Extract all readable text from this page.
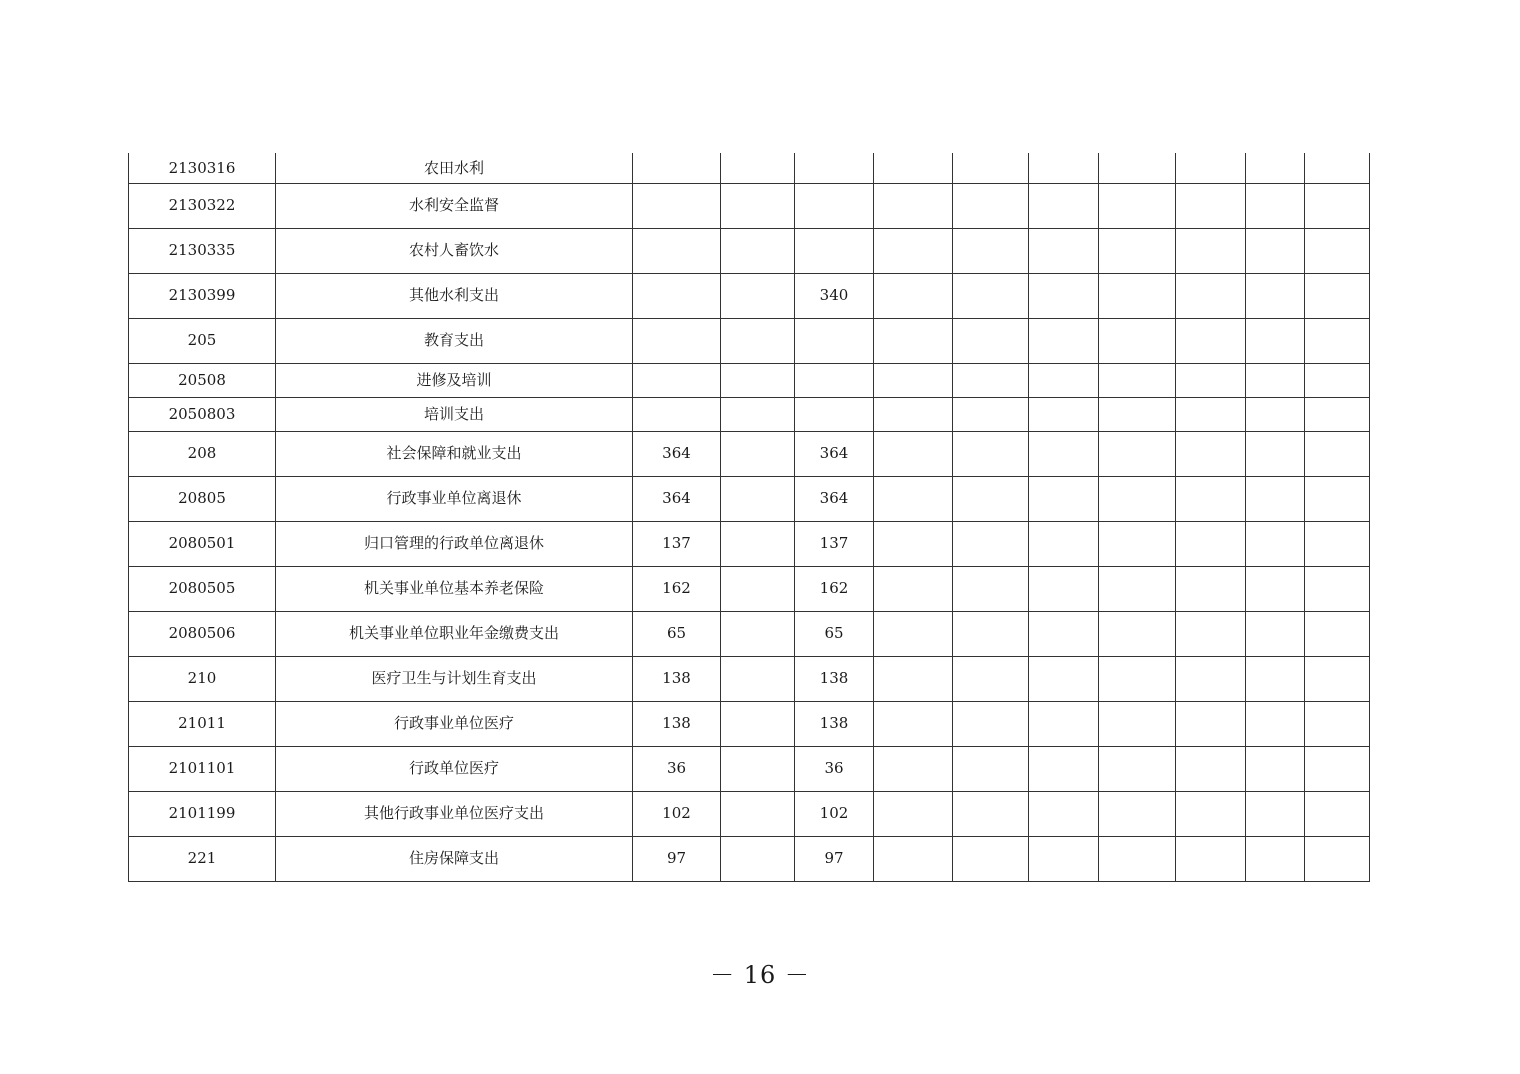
2130316	农田水利										
2130322	水利安全监督										
2130335	农村人畜饮水										
2130399	其他水利支出			340							
205	教育支出										
20508	进修及培训										
2050803	培训支出										
208	社会保障和就业支出	364		364							
20805	行政事业单位离退休	364		364							
2080501	归口管理的行政单位离退休	137		137							
2080505	机关事业单位基本养老保险	162		162							
2080506	机关事业单位职业年金缴费支出	65		65							
210	医疗卫生与计划生育支出	138		138							
21011	行政事业单位医疗	138		138							
2101101	行政单位医疗	36		36							
2101199	其他行政事业单位医疗支出	102		102							
221	住房保障支出	97		97							
－ 16 －
